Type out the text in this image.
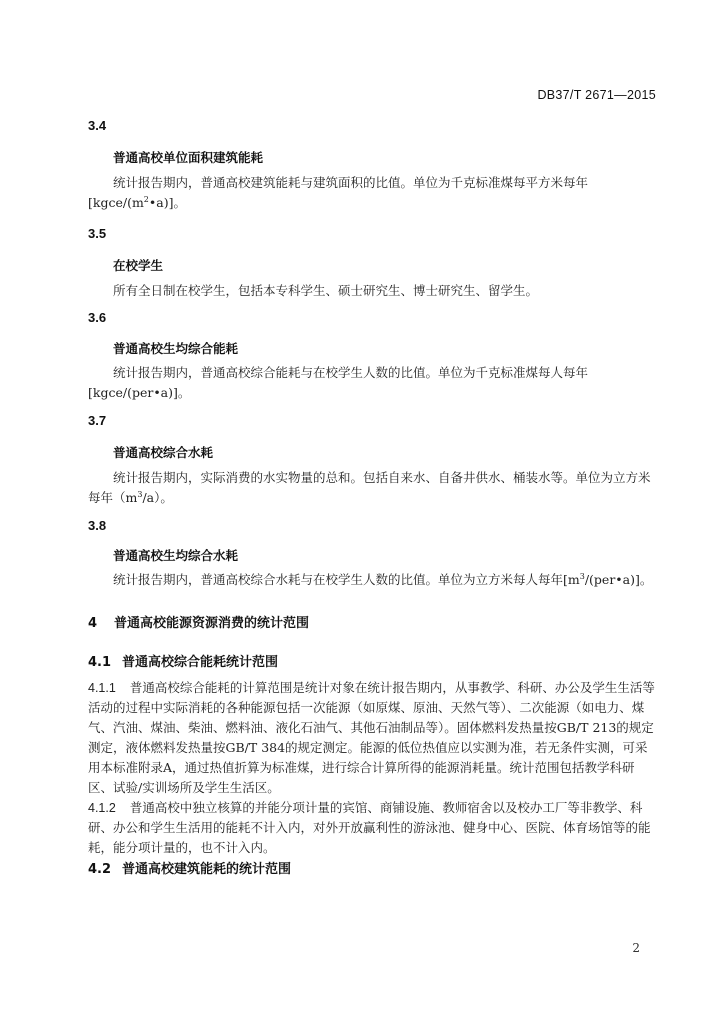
DB37/T 2671—2015
3.4
普通高校单位面积建筑能耗

统计报告期内，普通高校建筑能耗与建筑面积的比值。单位为千克标准煤每平方米每年$[kgce/(m^2•a)]$。

3.5
在校学生

所有全日制在校学生，包括本专科学生、硕士研究生、博士研究生、留学生。

3.6
普通高校生均综合能耗

统计报告期内，普通高校综合能耗与在校学生人数的比值。单位为千克标准煤每人每年[kgce/(per•a)]。

3.7
普通高校综合水耗

统计报告期内，实际消费的水实物量的总和。包括自来水、自备井供水、桶装水等。单位为立方米每年$(m^3/a)$。

3.8
普通高校生均综合水耗

统计报告期内，普通高校综合水耗与在校学生人数的比值。单位为立方米每人每年$[m^3/(per•a)]$。

4 普通高校能源资源消费的统计范围
4.1 普通高校综合能耗统计范围

4.1.1 普通高校综合能耗的计算范围是统计对象在统计报告期内，从事教学、科研、办公及学生生活等活动的过程中实际消耗的各种能源包括一次能源（如原煤、原油、天然气等）、二次能源（如电力、煤气、汽油、煤油、柴油、燃料油、液化石油气、其他石油制品等）。固体燃料发热量按GB/T 213的规定测定，液体燃料发热量按GB/T 384的规定测定。能源的低位热值应以实测为准，若无条件实测，可采用本标准附录A，通过热值折算为标准煤，进行综合计算所得的能源消耗量。统计范围包括教学科研区、试验/实训场所及学生生活区。

4.1.2 普通高校中独立核算的并能分项计量的宾馆、商铺设施、教师宿舍以及校办工厂等非教学、科研、办公和学生生活用的能耗不计入内，对外开放赢利性的游泳池、健身中心、医院、体育场馆等的能耗，能分项计量的，也不计入内。

4.2 普通高校建筑能耗的统计范围
2
